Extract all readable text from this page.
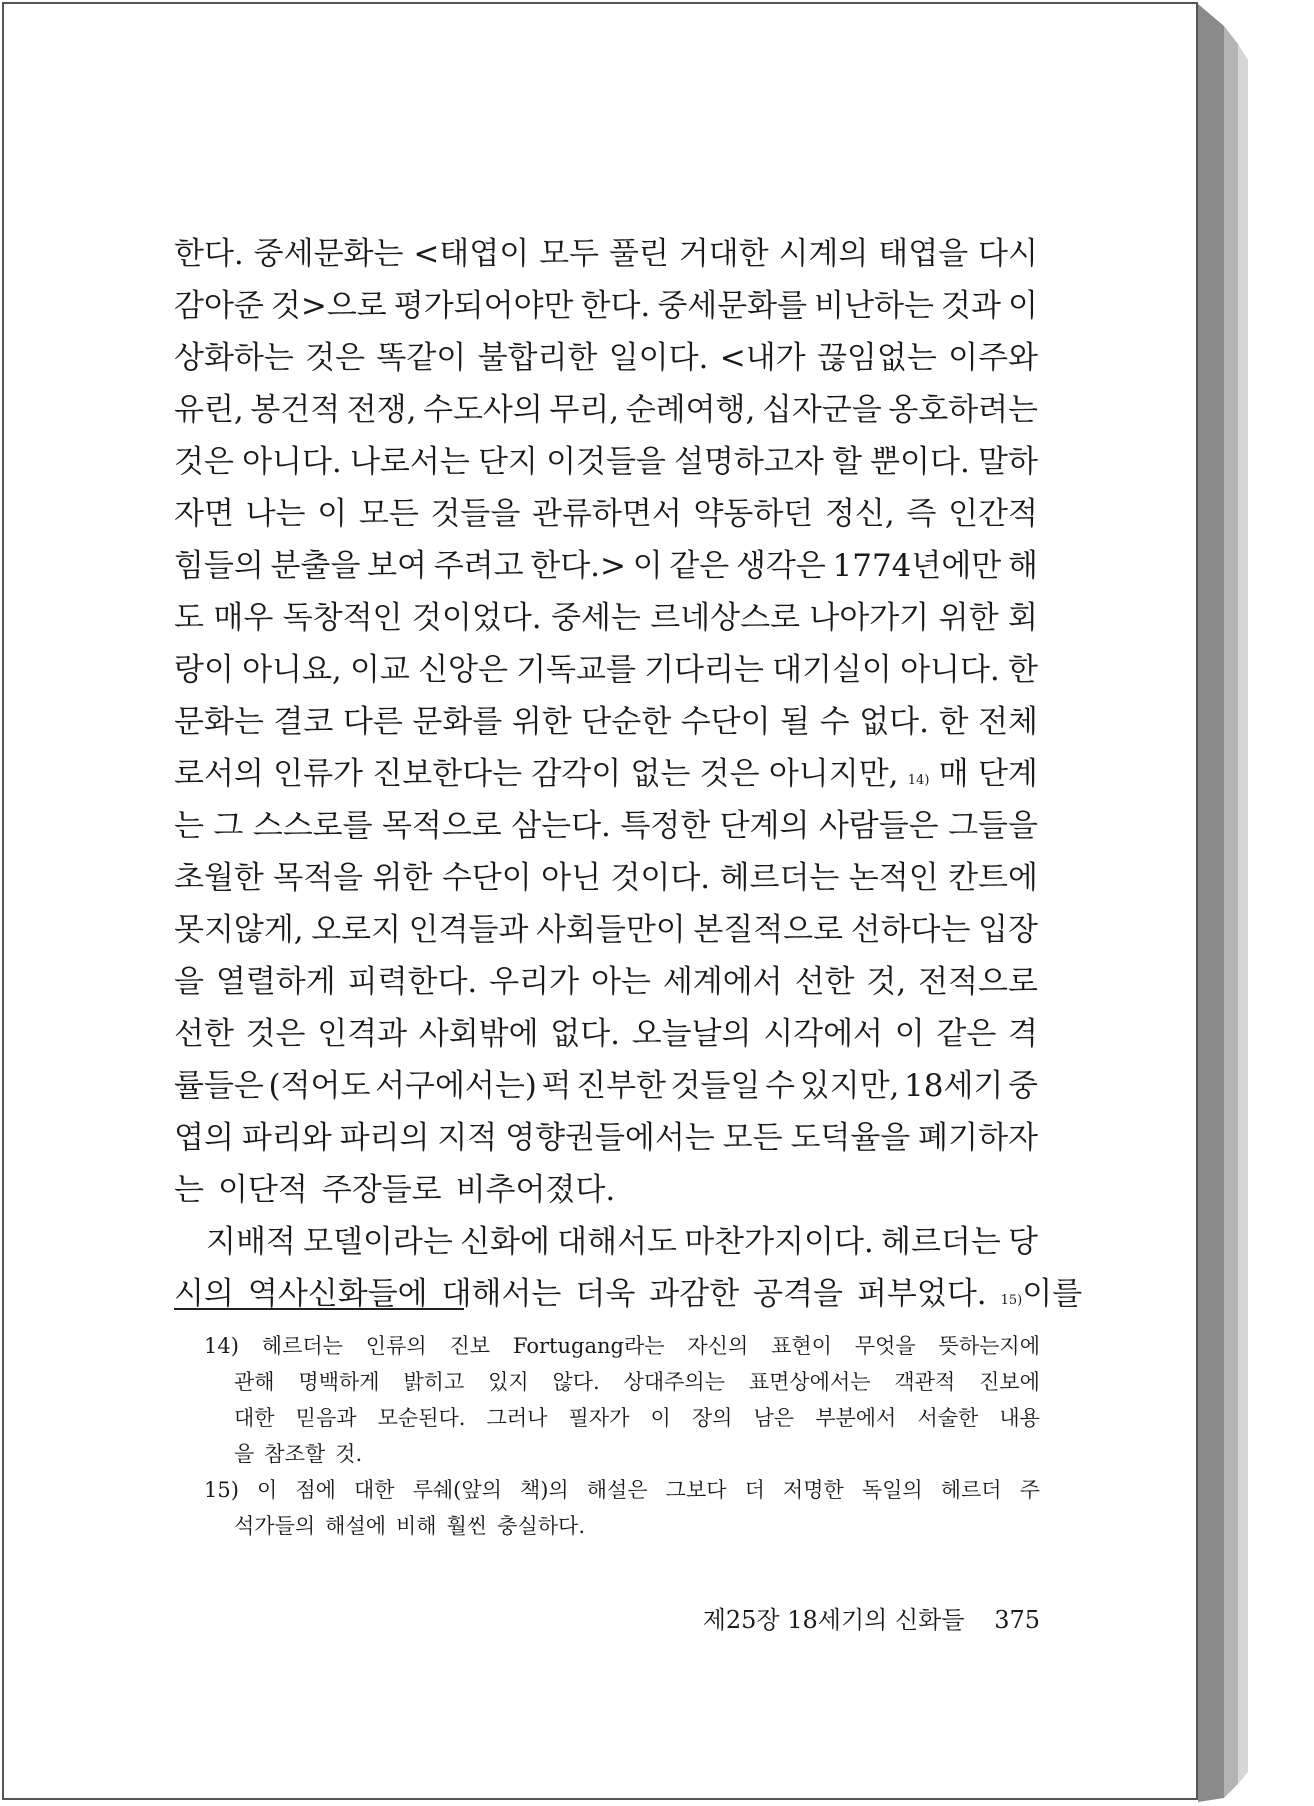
한다. 중세문화는 <태엽이 모두 풀린 거대한 시계의 태엽을 다시
감아준 것>으로 평가되어야만 한다. 중세문화를 비난하는 것과 이
상화하는 것은 똑같이 불합리한 일이다. <내가 끊임없는 이주와
유린, 봉건적 전쟁, 수도사의 무리, 순례여행, 십자군을 옹호하려는
것은 아니다. 나로서는 단지 이것들을 설명하고자 할 뿐이다. 말하
자면 나는 이 모든 것들을 관류하면서 약동하던 정신, 즉 인간적
힘들의 분출을 보여 주려고 한다.> 이 같은 생각은 1774년에만 해
도 매우 독창적인 것이었다. 중세는 르네상스로 나아가기 위한 회
랑이 아니요, 이교 신앙은 기독교를 기다리는 대기실이 아니다. 한
문화는 결코 다른 문화를 위한 단순한 수단이 될 수 없다. 한 전체
로서의 인류가 진보한다는 감각이 없는 것은 아니지만, 14) 매 단계
는 그 스스로를 목적으로 삼는다. 특정한 단계의 사람들은 그들을
초월한 목적을 위한 수단이 아닌 것이다. 헤르더는 논적인 칸트에
못지않게, 오로지 인격들과 사회들만이 본질적으로 선하다는 입장
을 열렬하게 피력한다. 우리가 아는 세계에서 선한 것, 전적으로
선한 것은 인격과 사회밖에 없다. 오늘날의 시각에서 이 같은 격
률들은 (적어도 서구에서는) 퍽 진부한 것들일 수 있지만, 18세기 중
엽의 파리와 파리의 지적 영향권들에서는 모든 도덕율을 폐기하자
는 이단적 주장들로 비추어졌다.
지배적 모델이라는 신화에 대해서도 마찬가지이다. 헤르더는 당
시의 역사신화들에 대해서는 더욱 과감한 공격을 퍼부었다. 15) 이를
14) 헤르더는 인류의 진보 Fortugang라는 자신의 표현이 무엇을 뜻하는지에
관해 명백하게 밝히고 있지 않다. 상대주의는 표면상에서는 객관적 진보에
대한 믿음과 모순된다. 그러나 필자가 이 장의 남은 부분에서 서술한 내용
을 참조할 것.
15) 이 점에 대한 루쉐(앞의 책)의 해설은 그보다 더 저명한 독일의 헤르더 주
석가들의 해설에 비해 훨씬 충실하다.
제25장 18세기의 신화들 375
